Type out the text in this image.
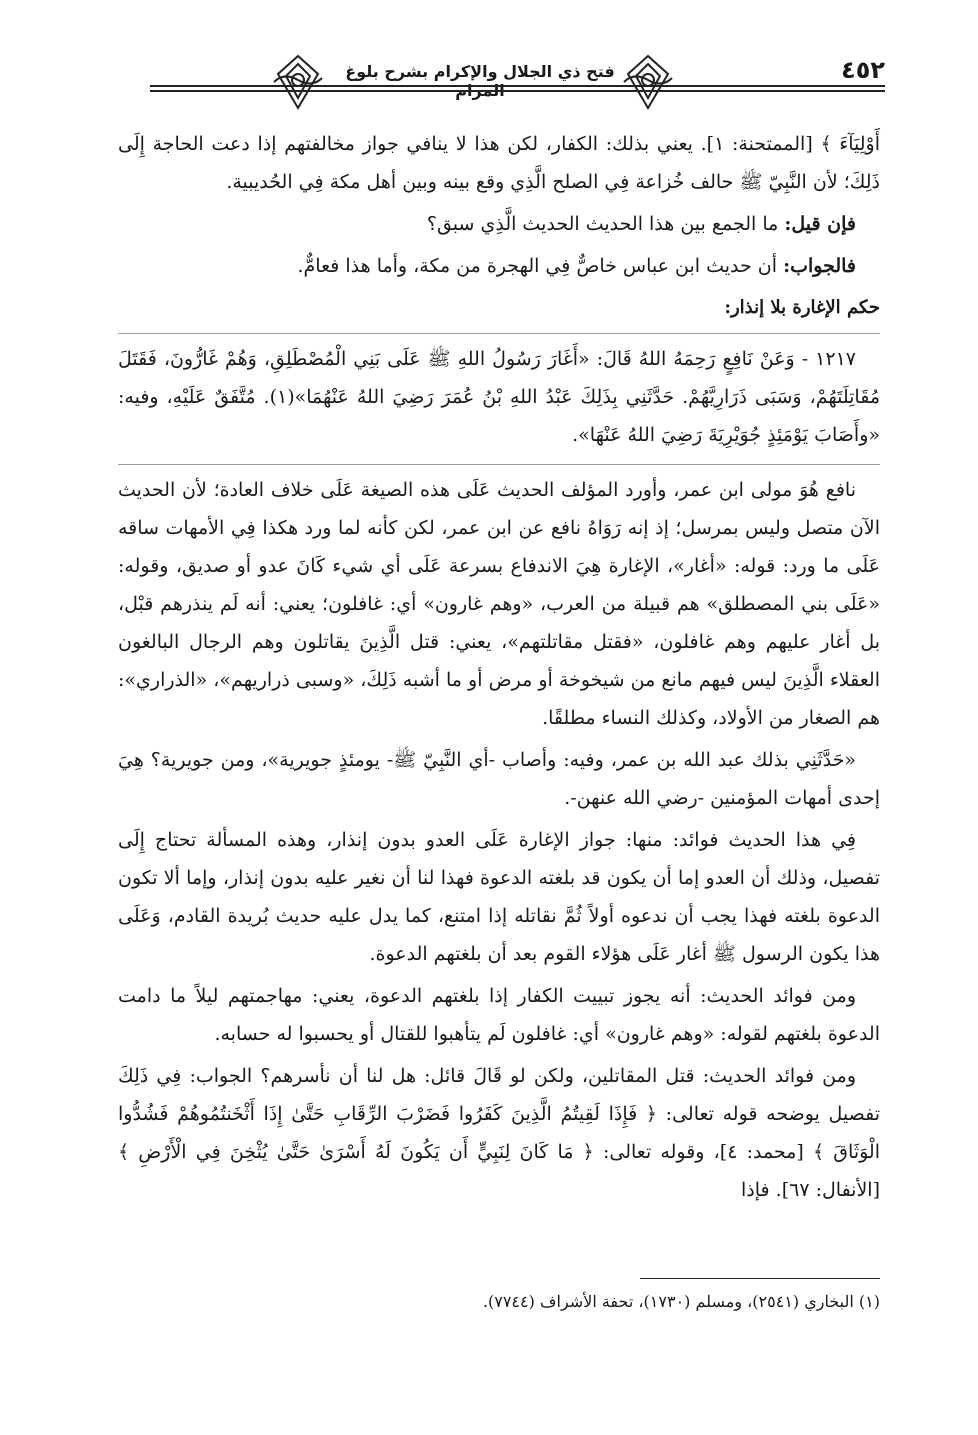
٤٥٢
فتح ذي الجلال والإكرام بشرح بلوغ المرام

أَوْلِيَآءَ ﴾ [الممتحنة: ١]. يعني بذلك: الكفار، لكن هذا لا ينافي جواز مخالفتهم إذا دعت الحاجة إِلَى ذَلِكَ؛ لأن النَّبِيّ ﷺ حالف خُزاعة فِي الصلح الَّذِي وقع بينه وبين أهل مكة فِي الحُديبية.

فإن قيل: ما الجمع بين هذا الحديث الحديث الَّذِي سبق؟

فالجواب: أن حديث ابن عباس خاصٌّ فِي الهجرة من مكة، وأما هذا فعامٌّ.

حكم الإغارة بلا إنذار:

١٢١٧ - وَعَنْ نَافِعٍ رَحِمَهُ اللهُ قَالَ: «أَغَارَ رَسُولُ اللهِ ﷺ عَلَى بَنِي الْمُصْطَلِقِ، وَهُمْ غَارُّونَ، فَقَتَلَ مُقَاتِلَتَهُمْ، وَسَبَى ذَرَارِيَّهُمْ. حَدَّثَنِي بِذَلِكَ عَبْدُ اللهِ بْنُ عُمَرَ رَضِيَ اللهُ عَنْهُمَا»(١). مُتَّفَقٌ عَلَيْهِ، وفيه: «وأَصَابَ يَوْمَئِذٍ جُوَيْرِيَةَ رَضِيَ اللهُ عَنْهَا».

نافع هُوَ مولى ابن عمر، وأورد المؤلف الحديث عَلَى هذه الصيغة عَلَى خلاف العادة؛ لأن الحديث الآن متصل وليس بمرسل؛ إذ إنه رَوَاهُ نافع عن ابن عمر، لكن كأنه لما ورد هكذا فِي الأمهات ساقه عَلَى ما ورد: قوله: «أغار»، الإغارة هِيَ الاندفاع بسرعة عَلَى أي شيء كَانَ عدو أو صديق، وقوله: «عَلَى بني المصطلق» هم قبيلة من العرب، «وهم غارون» أي: غافلون؛ يعني: أنه لَم ينذرهم قبْل، بل أغار عليهم وهم غافلون، «فقتل مقاتلتهم»، يعني: قتل الَّذِينَ يقاتلون وهم الرجال البالغون العقلاء الَّذِينَ ليس فيهم مانع من شيخوخة أو مرض أو ما أشبه ذَلِكَ، «وسبى ذراريهم»، «الذراري»: هم الصغار من الأولاد، وكذلك النساء مطلقًا.

«حَدَّثَنِي بذلك عبد الله بن عمر، وفيه: وأصاب -أي النَّبِيّ ﷺ- يومئذٍ جويرية»، ومن جويرية؟ هِيَ إحدى أمهات المؤمنين -رضي الله عنهن-.

فِي هذا الحديث فوائد: منها: جواز الإغارة عَلَى العدو بدون إنذار، وهذه المسألة تحتاج إِلَى تفصيل، وذلك أن العدو إما أن يكون قد بلغته الدعوة فهذا لنا أن نغير عليه بدون إنذار، وإما ألا تكون الدعوة بلغته فهذا يجب أن ندعوه أولاً ثُمَّ نقاتله إذا امتنع، كما يدل عليه حديث بُريدة القادم، وَعَلَى هذا يكون الرسول ﷺ أغار عَلَى هؤلاء القوم بعد أن بلغتهم الدعوة.

ومن فوائد الحديث: أنه يجوز تبييت الكفار إذا بلغتهم الدعوة، يعني: مهاجمتهم ليلاً ما دامت الدعوة بلغتهم لقوله: «وهم غارون» أي: غافلون لَم يتأهبوا للقتال أو يحسبوا له حسابه.

ومن فوائد الحديث: قتل المقاتلين، ولكن لو قَالَ قائل: هل لنا أن نأسرهم؟ الجواب: فِي ذَلِكَ تفصيل يوضحه قوله تعالى: ﴿ فَإِذَا لَقِيتُمُ الَّذِينَ كَفَرُوا فَضَرْبَ الرِّقَابِ حَتَّىٰ إِذَا أَثْخَنتُمُوهُمْ فَشُدُّوا الْوَثَاقَ ﴾ [محمد: ٤]، وقوله تعالى: ﴿ مَا كَانَ لِنَبِيٍّ أَن يَكُونَ لَهُ أَسْرَىٰ حَتَّىٰ يُثْخِنَ فِي الْأَرْضِ ﴾ [الأنفال: ٦٧]. فإذا

(١) البخاري (٢٥٤١)، ومسلم (١٧٣٠)، تحفة الأشراف (٧٧٤٤).
